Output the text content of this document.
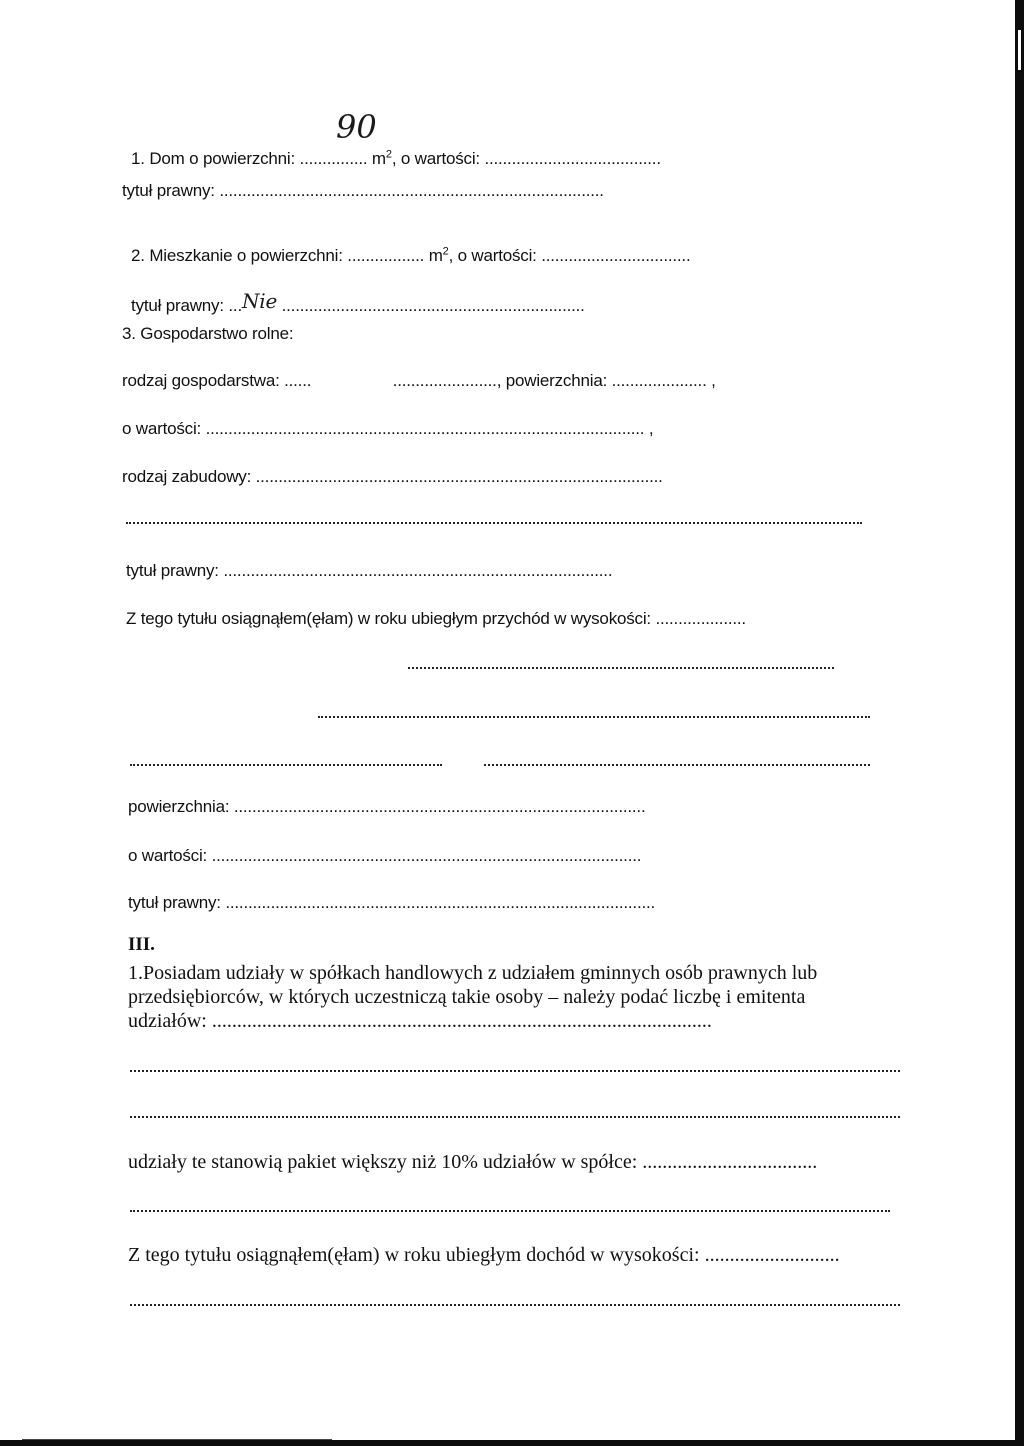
1. Dom o powierzchni: ............... $m^2$, o wartości: .......................................

90
tytuł prawny: .....................................................................................

2. Mieszkanie o powierzchni: ................. $m^2$, o wartości: .................................

tytuł prawny: ...Nie ...................................................................

3. Gospodarstwo rolne:
rodzaj gospodarstwa: ......                  ......................., powierzchnia: ..................... ,
o wartości: ................................................................................................. ,
rodzaj zabudowy: ..........................................................................................
tytuł prawny: ......................................................................................
Z tego tytułu osiągnąłem(ęłam) w roku ubiegłym przychód w wysokości: ....................
powierzchnia: ...........................................................................................
o wartości: ...............................................................................................
tytuł prawny: ...............................................................................................
III.
1.Posiadam udziały w spółkach handlowych z udziałem gminnych osób prawnych lub
przedsiębiorców, w których uczestniczą takie osoby – należy podać liczbę i emitenta
udziałów: ....................................................................................................
udziały te stanowią pakiet większy niż 10% udziałów w spółce: ...................................
Z tego tytułu osiągnąłem(ęłam) w roku ubiegłym dochód w wysokości: ...........................
